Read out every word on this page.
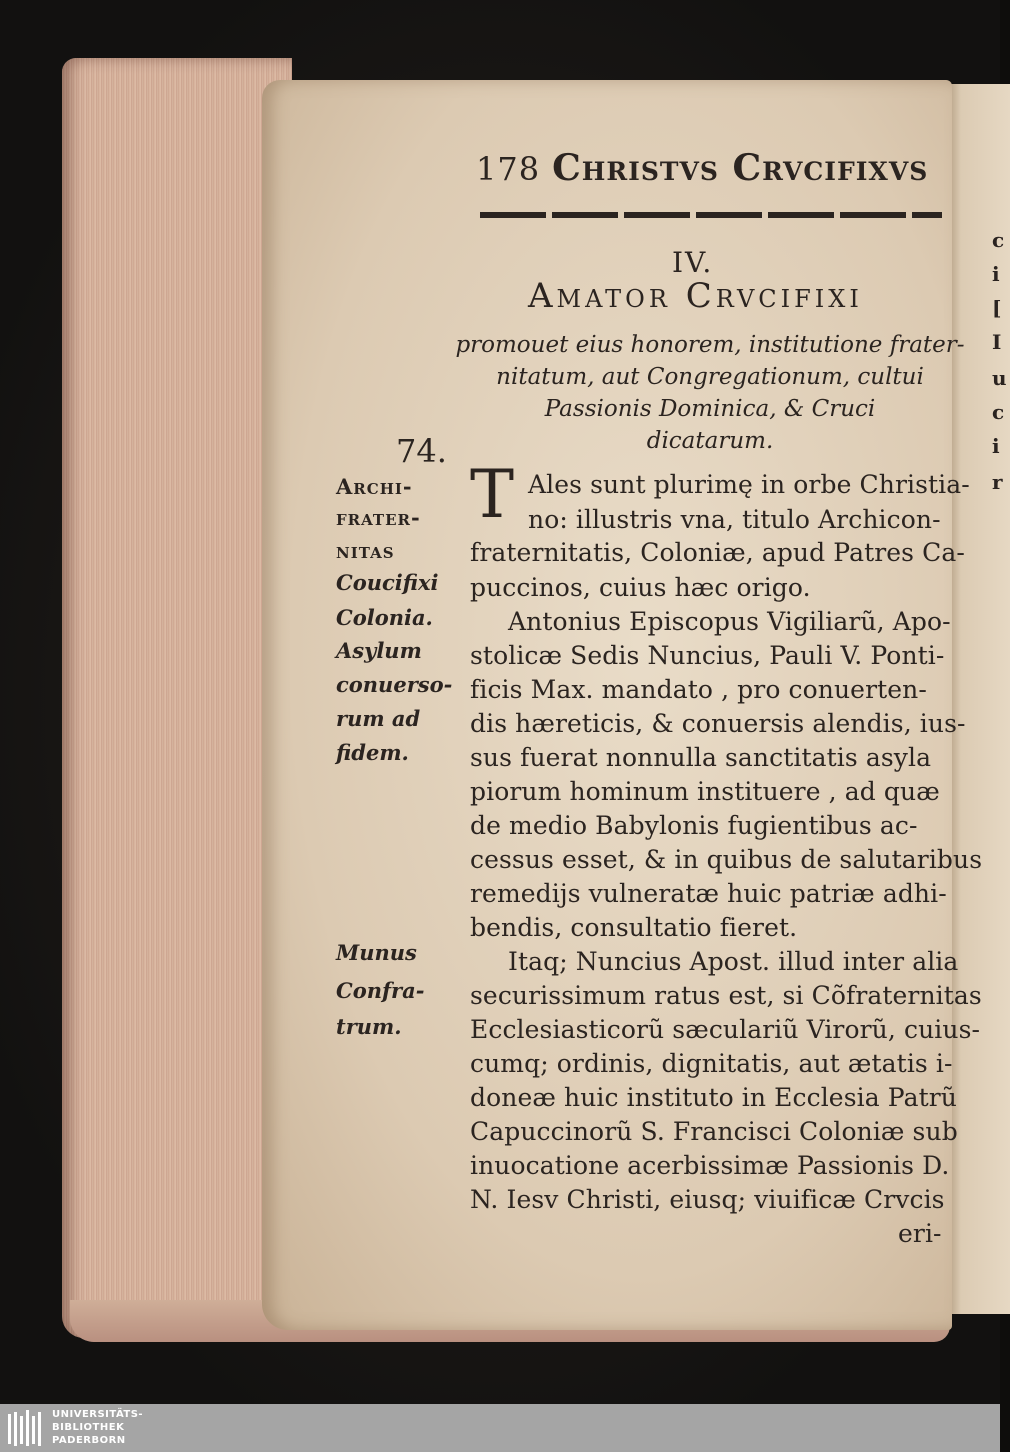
c
i
[
I
u
c
i
r
178 Christvs Crvcifixvs
IV.
Amator Crvcifixi
promouet eius honorem, institutione frater-
nitatum, aut Congregationum, cultui
Passionis Dominica, & Cruci
dicatarum.
74.
Archi-
frater-
nitas
Coucifixi
Colonia.
Asylum
conuerso-
rum ad
fidem.
Munus
Confra-
trum.
T Ales sunt plurimę in orbe Christia-
no: illustris vna, titulo Archicon-
fraternitatis, Coloniæ, apud Patres Ca-
puccinos, cuius hæc origo.
Antonius Episcopus Vigiliarũ, Apo-
stolicæ Sedis Nuncius, Pauli V. Ponti-
ficis Max. mandato , pro conuerten-
dis hæreticis, & conuersis alendis, ius-
sus fuerat nonnulla sanctitatis asyla
piorum hominum instituere , ad quæ
de medio Babylonis fugientibus ac-
cessus esset, & in quibus de salutaribus
remedijs vulneratæ huic patriæ adhi-
bendis, consultatio fieret.
Itaq; Nuncius Apost. illud inter alia
securissimum ratus est, si Cõfraternitas
Ecclesiasticorũ sæculariũ Virorũ, cuius-
cumq; ordinis, dignitatis, aut ætatis i-
doneæ huic instituto in Ecclesia Patrũ
Capuccinorũ S. Francisci Coloniæ sub
inuocatione acerbissimæ Passionis D.
N. Iesv Christi, eiusq; viuificæ Crvcis
eri-
UNIVERSITÄTS-
BIBLIOTHEK
PADERBORN
